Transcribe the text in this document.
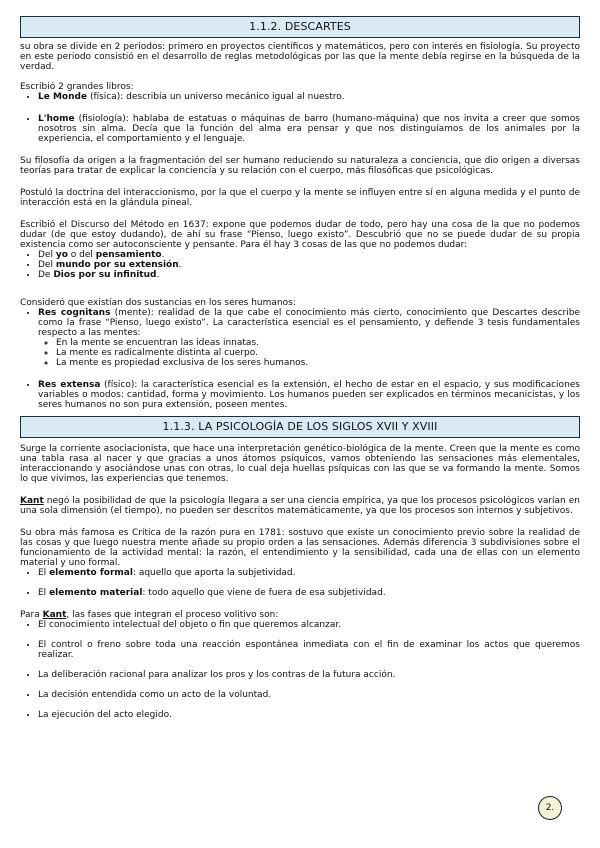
1.1.2. DESCARTES

su obra se divide en 2 periodos: primero en proyectos científicos y matemáticos, pero con interés en fisiología. Su proyecto en este periodo consistió en el desarrollo de reglas metodológicas por las que la mente debía regirse en la búsqueda de la verdad.

Escribió 2 grandes libros:

• Le Monde (física): describía un universo mecánico igual al nuestro.
• L'home (fisiología): hablaba de estatuas o máquinas de barro (humano-máquina) que nos invita a creer que somos nosotros sin alma. Decía que la función del alma era pensar y que nos distinguíamos de los animales por la experiencia, el comportamiento y el lenguaje.

Su filosofía da origen a la fragmentación del ser humano reduciendo su naturaleza a conciencia, que dio origen a diversas teorías para tratar de explicar la conciencia y su relación con el cuerpo, más filosóficas que psicológicas.

Postuló la doctrina del interaccionismo, por la que el cuerpo y la mente se influyen entre sí en alguna medida y el punto de interacción está en la glándula pineal.

Escribió el Discurso del Método en 1637: expone que podemos dudar de todo, pero hay una cosa de la que no podemos dudar (de que estoy dudando), de ahí su frase “Pienso, luego existo”. Descubrió que no se puede dudar de su propia existencia como ser autoconsciente y pensante. Para él hay 3 cosas de las que no podemos dudar:

• Del yo o del pensamiento.
• Del mundo por su extensión.
• De Dios por su infinitud.

Consideró que existían dos sustancias en los seres humanos:

• Res cognitans (mente): realidad de la que cabe el conocimiento más cierto, conocimiento que Descartes describe como la frase “Pienso, luego existo”. La característica esencial es el pensamiento, y defiende 3 tesis fundamentales respecto a las mentes:
◦ En la mente se encuentran las ideas innatas.
◦ La mente es radicalmente distinta al cuerpo.
◦ La mente es propiedad exclusiva de los seres humanos.
• Res extensa (físico): la característica esencial es la extensión, el hecho de estar en el espacio, y sus modificaciones variables o modos: cantidad, forma y movimiento. Los humanos pueden ser explicados en términos mecanicistas, y los seres humanos no son pura extensión, poseen mentes.
1.1.3. LA PSICOLOGÍA DE LOS SIGLOS XVII Y XVIII

Surge la corriente asociacionista, que hace una interpretación genético-biológica de la mente. Creen que la mente es como una tabla rasa al nacer y que gracias a unos átomos psíquicos, vamos obteniendo las sensaciones más elementales, interaccionando y asociándose unas con otras, lo cual deja huellas psíquicas con las que se va formando la mente. Somos lo que vivimos, las experiencias que tenemos.

Kant negó la posibilidad de que la psicología llegara a ser una ciencia empírica, ya que los procesos psicológicos varían en una sola dimensión (el tiempo), no pueden ser descritos matemáticamente, ya que los procesos son internos y subjetivos.

Su obra más famosa es Crítica de la razón pura en 1781: sostuvo que existe un conocimiento previo sobre la realidad de las cosas y que luego nuestra mente añade su propio orden a las sensaciones. Además diferencia 3 subdivisiones sobre el funcionamiento de la actividad mental: la razón, el entendimiento y la sensibilidad, cada una de ellas con un elemento material y uno formal.

• El elemento formal: aquello que aporta la subjetividad.
• El elemento material: todo aquello que viene de fuera de esa subjetividad.

Para Kant, las fases que integran el proceso volitivo son:

• El conocimiento intelectual del objeto o fin que queremos alcanzar.
• El control o freno sobre toda una reacción espontánea inmediata con el fin de examinar los actos que queremos realizar.
• La deliberación racional para analizar los pros y los contras de la futura acción.
• La decisión entendida como un acto de la voluntad.
• La ejecución del acto elegido.
2.
